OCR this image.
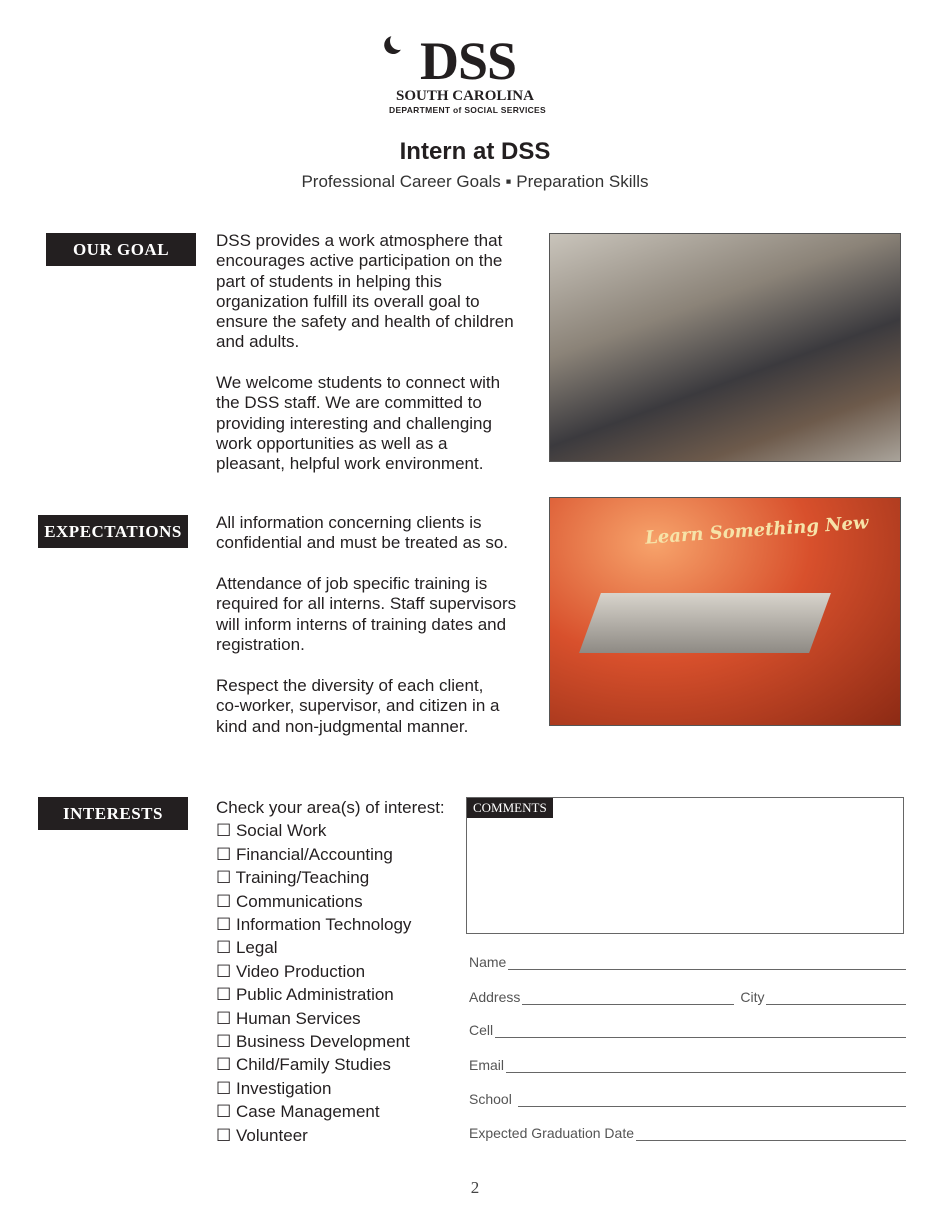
DSS
SOUTH CAROLINA
DEPARTMENT of SOCIAL SERVICES
Intern at DSS
Professional Career Goals ▪ Preparation Skills
OUR GOAL	DSS provides a work atmosphere that encourages active participation on the part of students in helping this organization fulfill its overall goal to ensure the safety and health of children and adults.
We welcome students to connect with the DSS staff. We are committed to providing interesting and challenging work opportunities as well as a pleasant, helpful work environment.
Learn Something New
EXPECTATIONS	All information concerning clients is confidential and must be treated as so.
Attendance of job specific training is required for all interns. Staff supervisors will inform interns of training dates and registration.
Respect the diversity of each client, co-worker, supervisor, and citizen in a kind and non-judgmental manner.
INTERESTS	Check your area(s) of interest:
☐ Social Work
☐ Financial/Accounting
☐ Training/Teaching
☐ Communications
☐ Information Technology
☐ Legal
☐ Video Production
☐ Public Administration
☐ Human Services
☐ Business Development
☐ Child/Family Studies
☐ Investigation
☐ Case Management
☐ Volunteer
COMMENTS
Name
Address	City
Cell
Email
School
Expected Graduation Date
2
